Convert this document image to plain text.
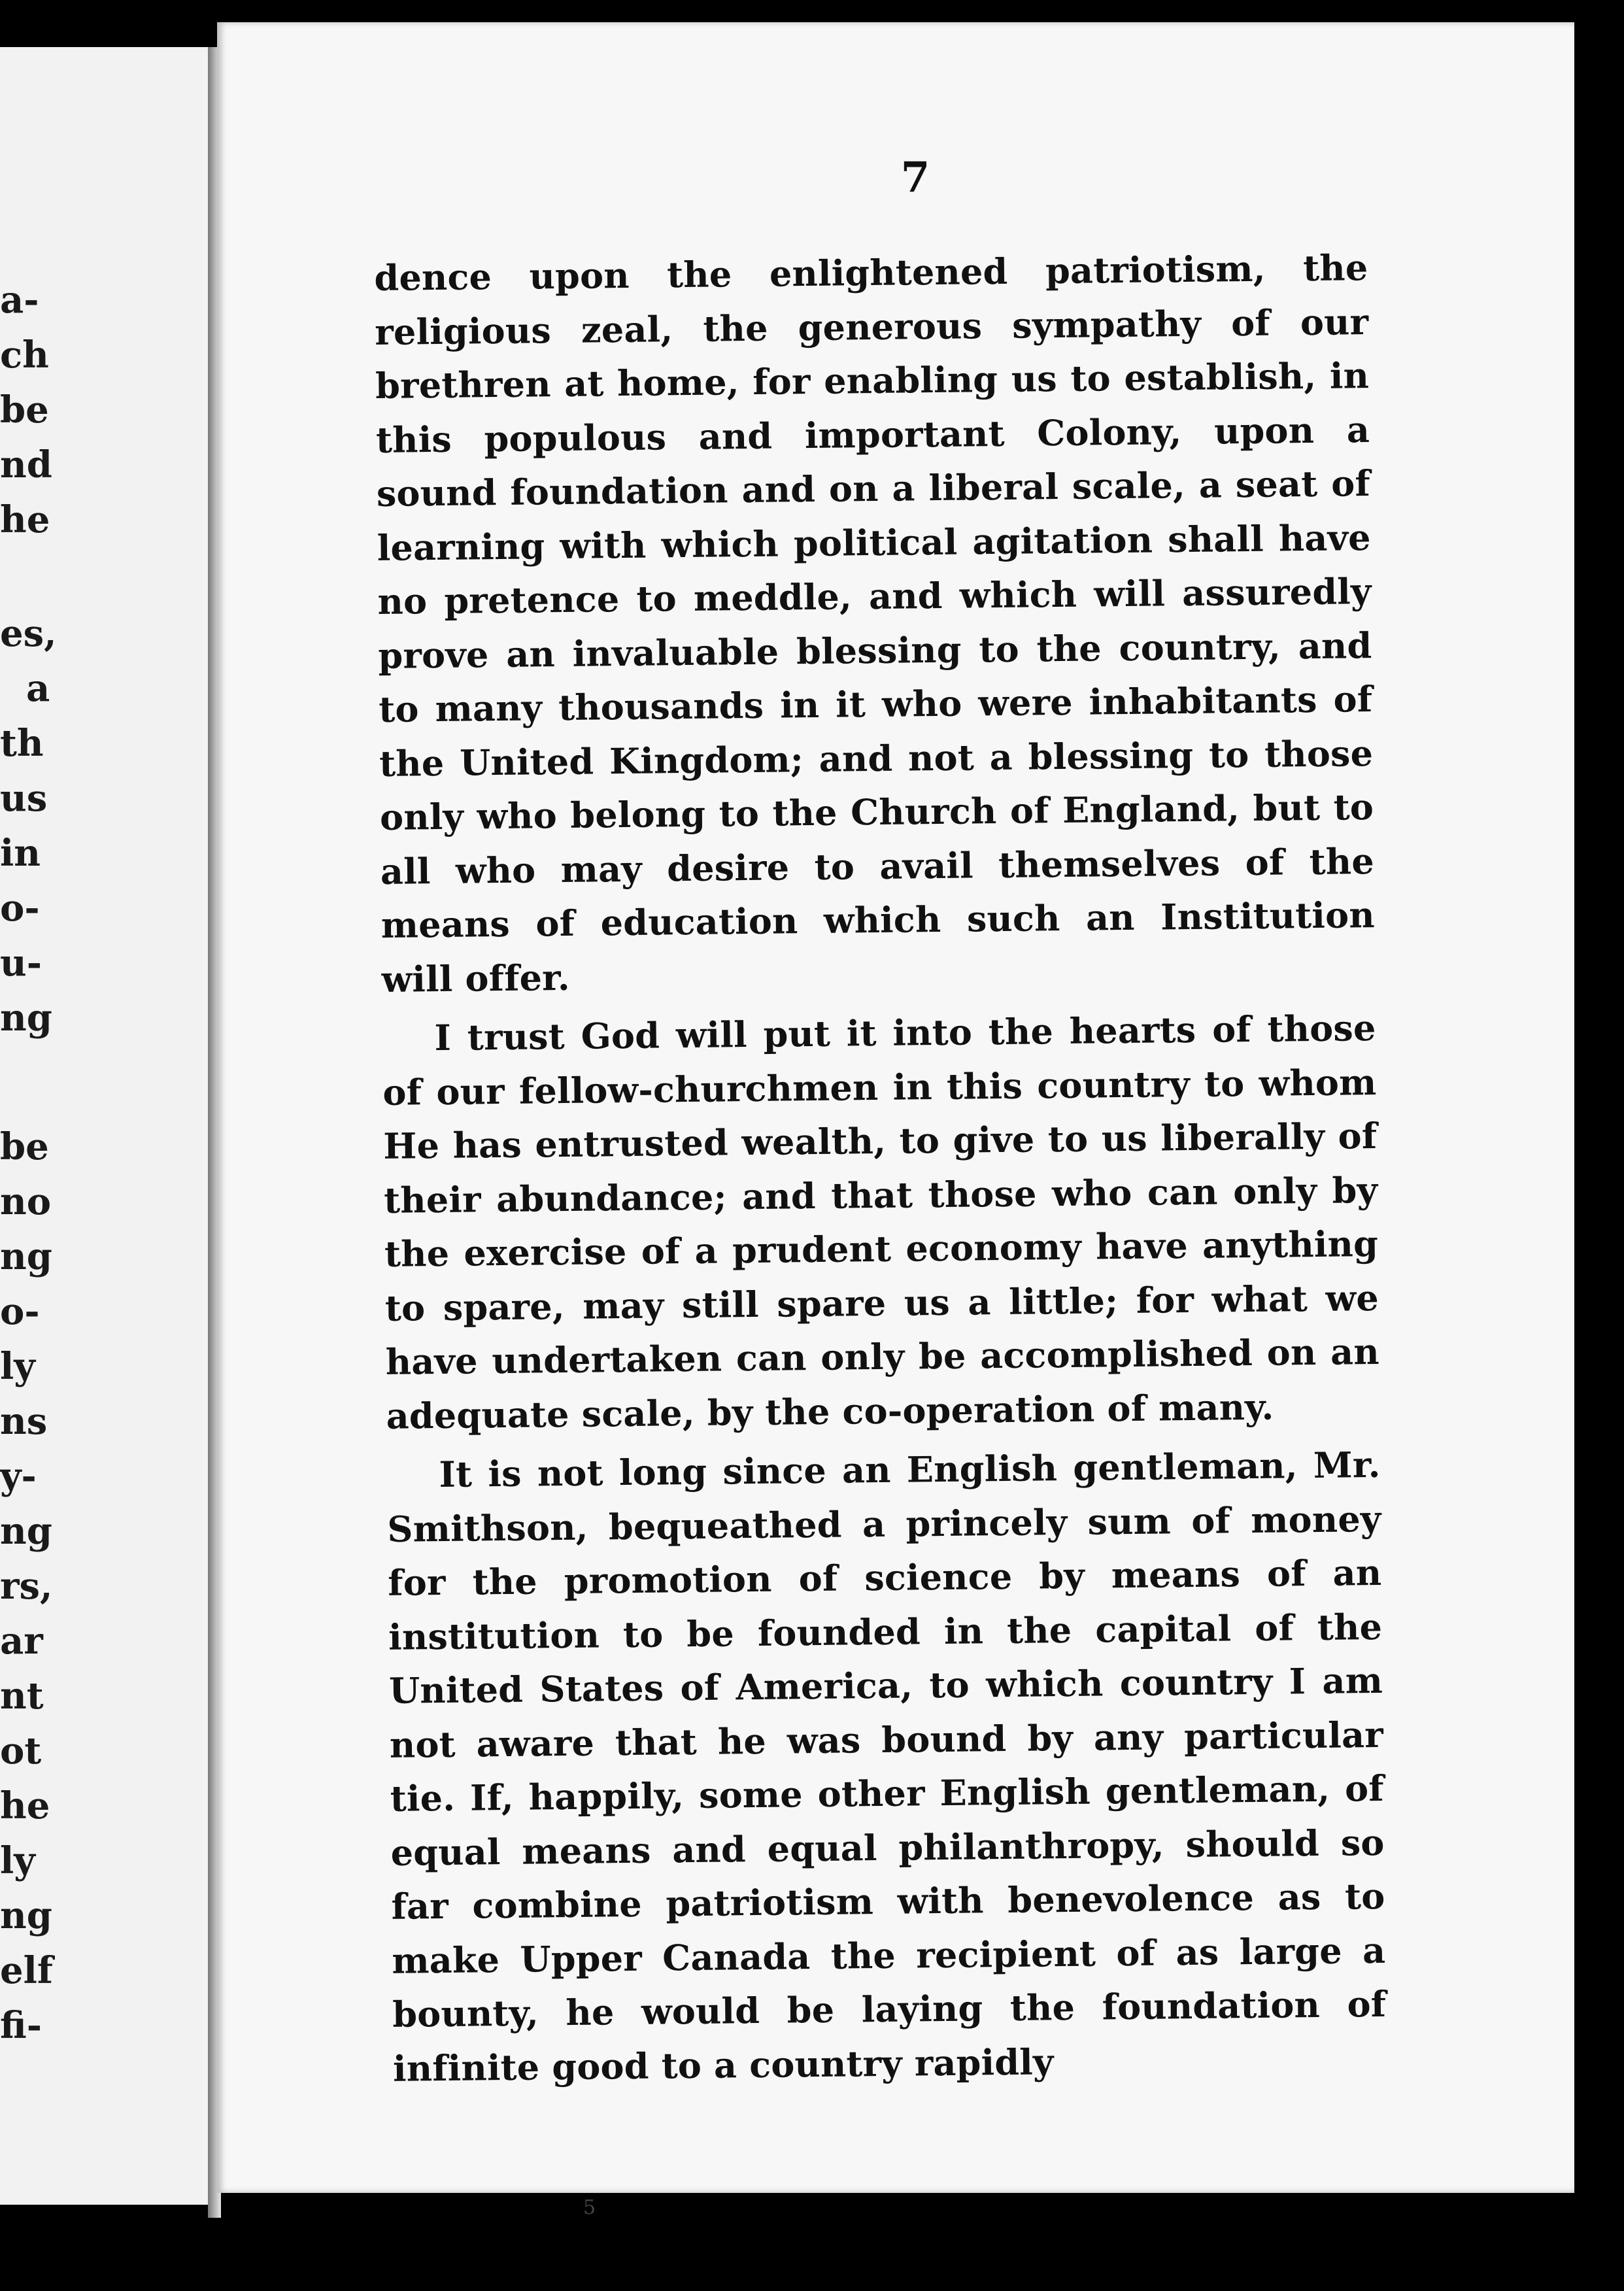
a-
ch
be
nd
he
es,
a
th
us
in
o-
u-
ng
be
no
ng
o-
ly
ns
y-
ng
rs,
ar
nt
ot
he
ly
ng
elf
fi-
7

dence upon the enlightened patriotism, the religious zeal, the generous sympathy of our brethren at home, for enabling us to establish, in this populous and important Colony, upon a sound foundation and on a liberal scale, a seat of learning with which political agitation shall have no pretence to meddle, and which will assuredly prove an invaluable blessing to the country, and to many thousands in it who were inhabitants of the United Kingdom; and not a blessing to those only who belong to the Church of England, but to all who may desire to avail themselves of the means of education which such an Institution will offer.

I trust God will put it into the hearts of those of our fellow-churchmen in this country to whom He has entrusted wealth, to give to us liberally of their abundance; and that those who can only by the exercise of a prudent economy have anything to spare, may still spare us a little; for what we have undertaken can only be accomplished on an adequate scale, by the co-operation of many.

It is not long since an English gentleman, Mr. Smithson, bequeathed a princely sum of money for the promotion of science by means of an institution to be founded in the capital of the United States of America, to which country I am not aware that he was bound by any particular tie. If, happily, some other English gentleman, of equal means and equal philanthropy, should so far combine patriotism with benevolence as to make Upper Canada the recipient of as large a bounty, he would be laying the foundation of infinite good to a country rapidly

5
